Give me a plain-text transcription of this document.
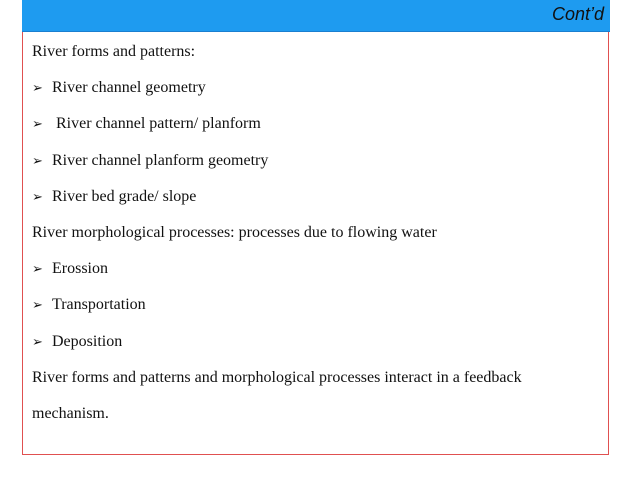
Cont’d
River forms and patterns:
➢ River channel geometry
➢ River channel pattern/ planform
➢ River channel planform geometry
➢ River bed grade/ slope
River morphological processes: processes due to flowing water
➢ Erossion
➢ Transportation
➢ Deposition
River forms and patterns and morphological processes interact in a feedback mechanism.
